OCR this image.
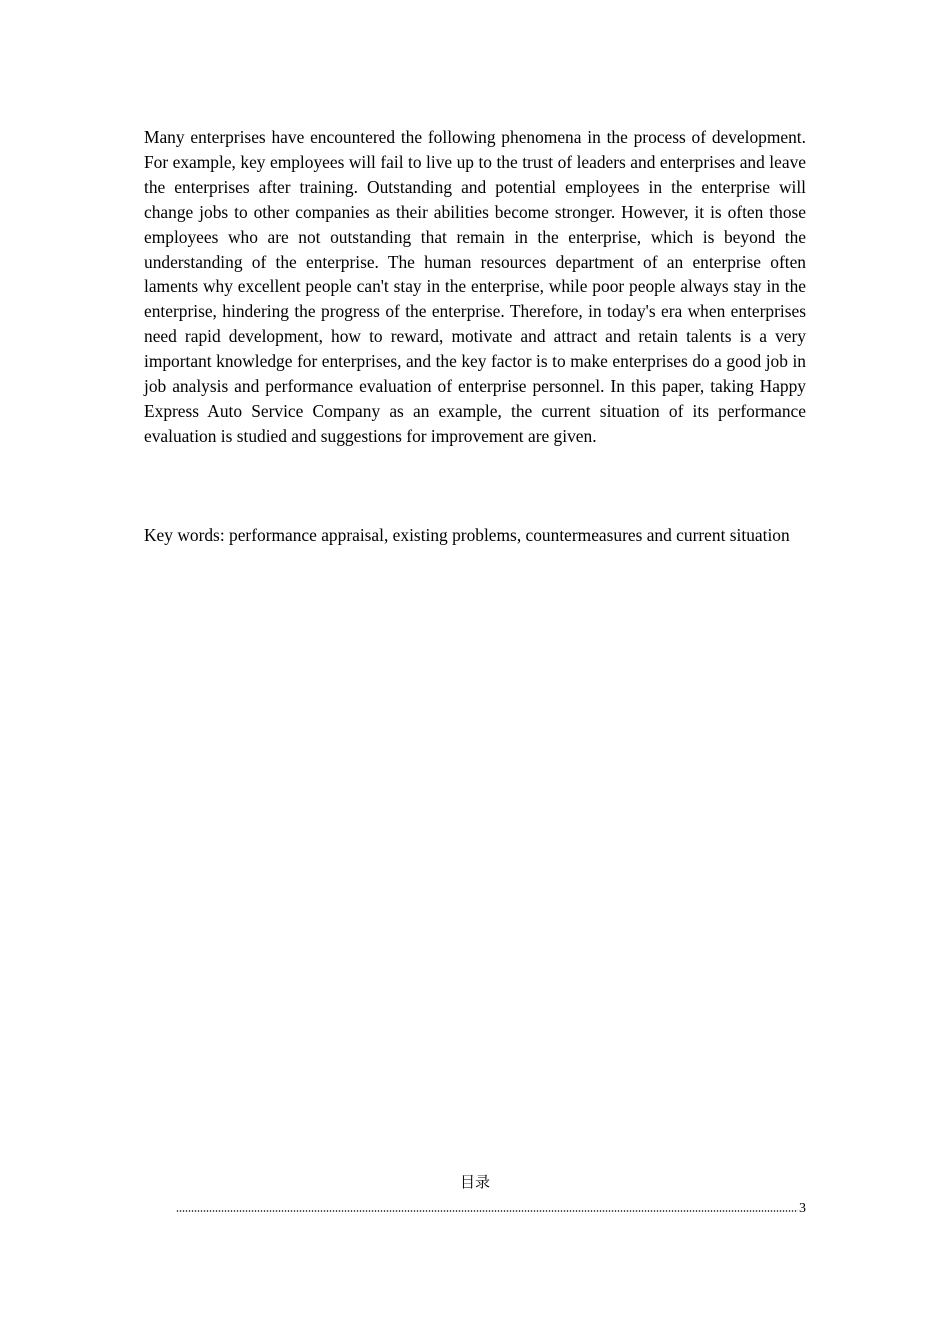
Many enterprises have encountered the following phenomena in the process of development. For example, key employees will fail to live up to the trust of leaders and enterprises and leave the enterprises after training. Outstanding and potential employees in the enterprise will change jobs to other companies as their abilities become stronger. However, it is often those employees who are not outstanding that remain in the enterprise, which is beyond the understanding of the enterprise. The human resources department of an enterprise often laments why excellent people can't stay in the enterprise, while poor people always stay in the enterprise, hindering the progress of the enterprise. Therefore, in today's era when enterprises need rapid development, how to reward, motivate and attract and retain talents is a very important knowledge for enterprises, and the key factor is to make enterprises do a good job in job analysis and performance evaluation of enterprise personnel. In this paper, taking Happy Express Auto Service Company as an example, the current situation of its performance evaluation is studied and suggestions for improvement are given.

Key words: performance appraisal, existing problems, countermeasures and current situation

目录
3
